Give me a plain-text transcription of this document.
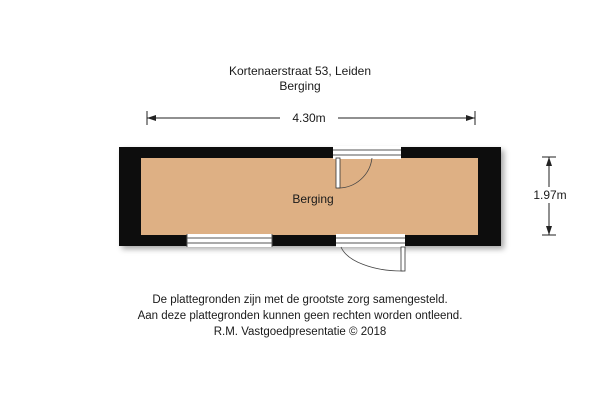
Kortenaerstraat 53, Leiden
Berging
4.30m
1.97m
Berging
De plattegronden zijn met de grootste zorg samengesteld.
Aan deze plattegronden kunnen geen rechten worden ontleend.
R.M. Vastgoedpresentatie © 2018
